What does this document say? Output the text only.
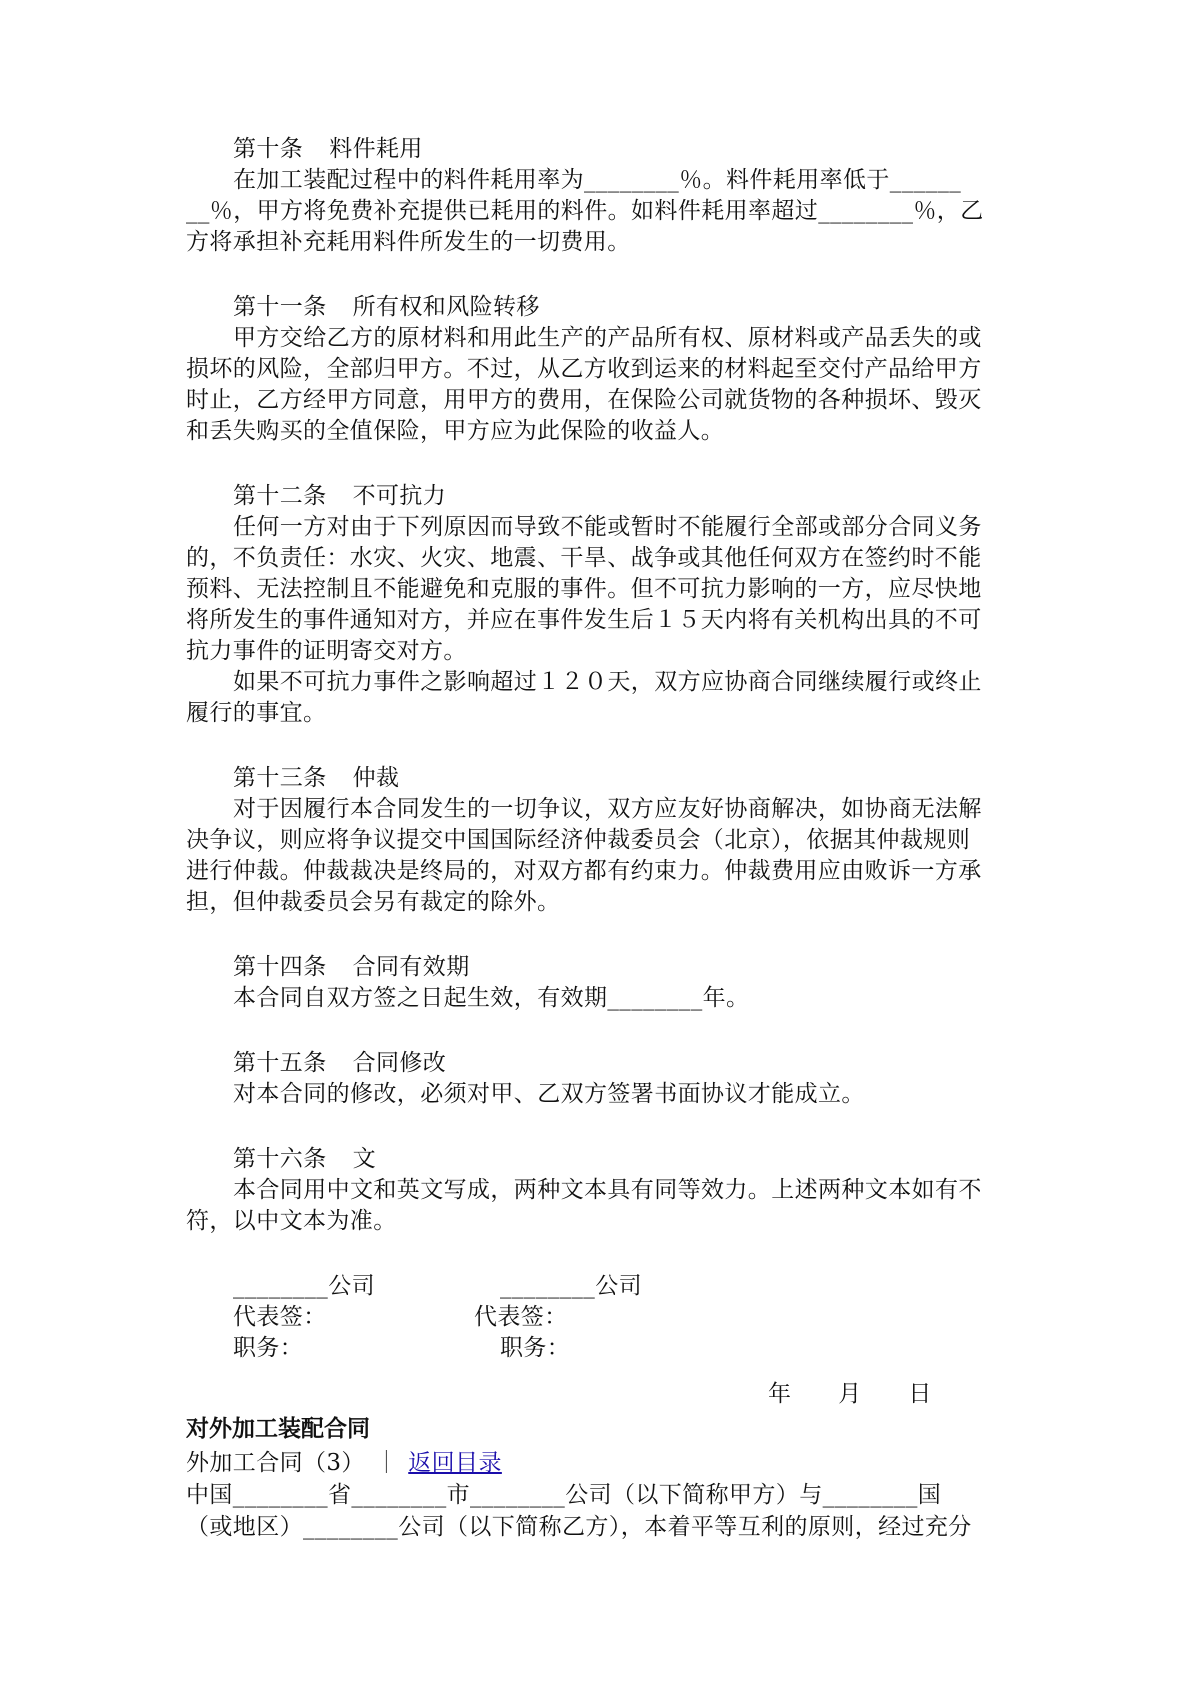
第十条 料件耗用
在加工装配过程中的料件耗用率为________％。料件耗用率低于______
__％，甲方将免费补充提供已耗用的料件。如料件耗用率超过________％，乙
方将承担补充耗用料件所发生的一切费用。
第十一条 所有权和风险转移
甲方交给乙方的原材料和用此生产的产品所有权、原材料或产品丢失的或
损坏的风险，全部归甲方。不过，从乙方收到运来的材料起至交付产品给甲方
时止，乙方经甲方同意，用甲方的费用，在保险公司就货物的各种损坏、毁灭
和丢失购买的全值保险，甲方应为此保险的收益人。
第十二条 不可抗力
任何一方对由于下列原因而导致不能或暂时不能履行全部或部分合同义务
的，不负责任：水灾、火灾、地震、干旱、战争或其他任何双方在签约时不能
预料、无法控制且不能避免和克服的事件。但不可抗力影响的一方，应尽快地
将所发生的事件通知对方，并应在事件发生后１５天内将有关机构出具的不可
抗力事件的证明寄交对方。
如果不可抗力事件之影响超过１２０天，双方应协商合同继续履行或终止
履行的事宜。
第十三条 仲裁
对于因履行本合同发生的一切争议，双方应友好协商解决，如协商无法解
决争议，则应将争议提交中国国际经济仲裁委员会（北京），依据其仲裁规则
进行仲裁。仲裁裁决是终局的，对双方都有约束力。仲裁费用应由败诉一方承
担，但仲裁委员会另有裁定的除外。
第十四条 合同有效期
本合同自双方签之日起生效，有效期________年。
第十五条 合同修改
对本合同的修改，必须对甲、乙双方签署书面协议才能成立。
第十六条 文
本合同用中文和英文写成，两种文本具有同等效力。上述两种文本如有不
符，以中文本为准。
________公司	________公司
代表签：	代表签：
职务：	职务：
年　　月　　日
对外加工装配合同
外加工合同（3） ｜ 返回目录
中国________省________市________公司（以下简称甲方）与________国
（或地区）________公司（以下简称乙方），本着平等互利的原则，经过充分
